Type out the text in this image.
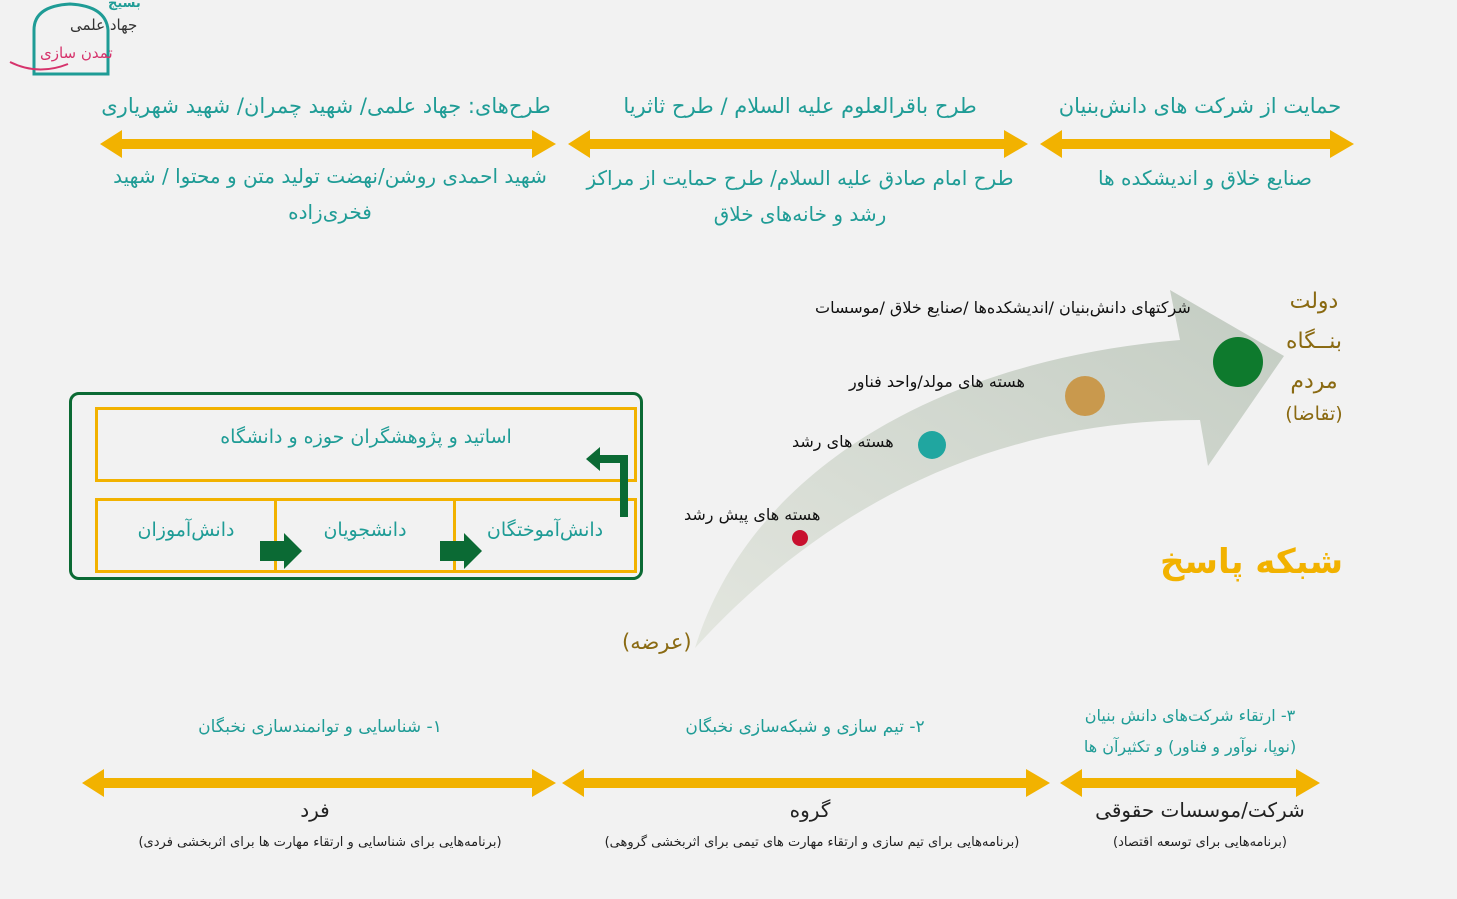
بسیج
جهاد علمی
تمدن سازی
حمایت از شرکت های دانش‌بنیان
طرح باقرالعلوم علیه السلام / طرح ثاثریا
طرح‌های: جهاد علمی/ شهید چمران/ شهید شهریاری
صنایع خلاق و اندیشکده ها
طرح امام صادق علیه السلام/ طرح حمایت از مراکز رشد و خانه‌های خلاق
شهید احمدی روشن/نهضت تولید متن و محتوا / شهید فخری‌زاده
هسته های پیش رشد
هسته های رشد
هسته های مولد/واحد فناور
شرکتهای دانش‌بنیان /اندیشکده‌ها /صنایع خلاق /موسسات
(عرضه)
دولت
بنــگاه
مردم
(تقاضا)
شبکه پاسخ
اساتید و پژوهشگران حوزه و دانشگاه
دانش‌آموزان	دانشجویان	دانش‌آموختگان
۳- ارتقاء شرکت‌های دانش بنیان
(نوپا، نوآور و فناور) و تکثیرآن ها
۲- تیم سازی و شبکه‌سازی نخبگان
۱- شناسایی و توانمندسازی نخبگان
شرکت/موسسات حقوقی
گروه
فرد
(برنامه‌هایی برای توسعه اقتصاد)
(برنامه‌هایی برای تیم سازی و ارتقاء مهارت های تیمی برای اثربخشی گروهی)
(برنامه‌هایی برای شناسایی و ارتقاء مهارت ها برای اثربخشی فردی)
